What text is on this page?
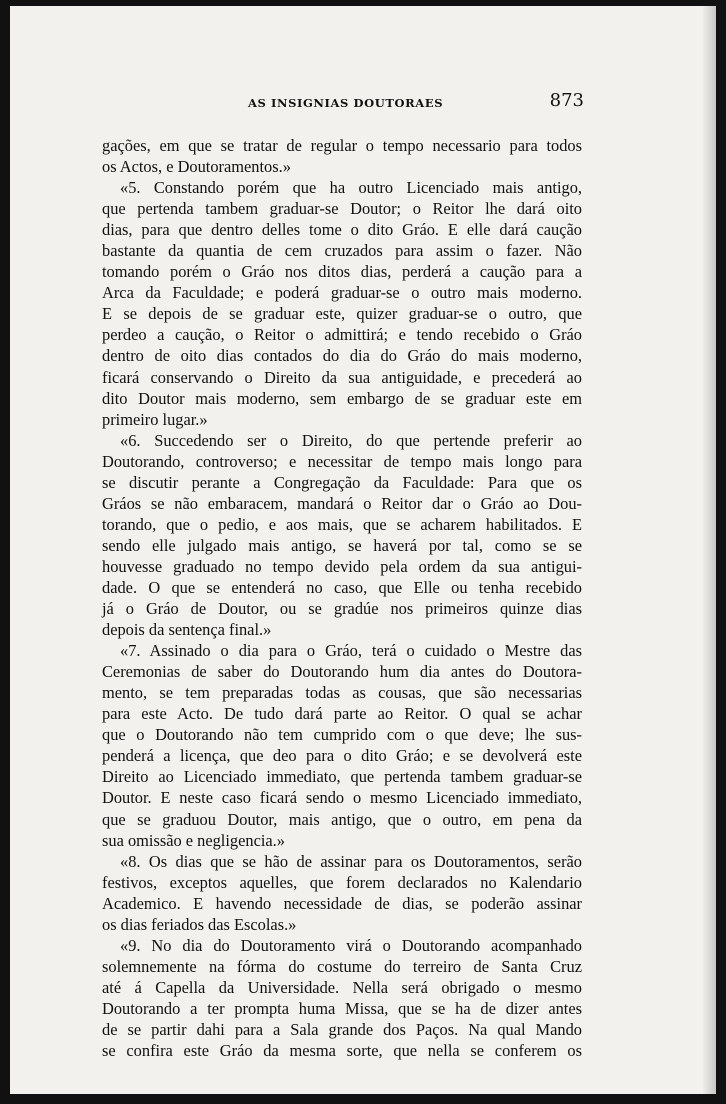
AS INSIGNIAS DOUTORAES	873
gações, em que se tratar de regular o tempo necessario para todos
os Actos, e Doutoramentos.»
«5. Constando porém que ha outro Licenciado mais antigo,
que pertenda tambem graduar-se Doutor; o Reitor lhe dará oito
dias, para que dentro delles tome o dito Gráo. E elle dará caução
bastante da quantia de cem cruzados para assim o fazer. Não
tomando porém o Gráo nos ditos dias, perderá a caução para a
Arca da Faculdade; e poderá graduar-se o outro mais moderno.
E se depois de se graduar este, quizer graduar-se o outro, que
perdeo a caução, o Reitor o admittirá; e tendo recebido o Gráo
dentro de oito dias contados do dia do Gráo do mais moderno,
ficará conservando o Direito da sua antiguidade, e precederá ao
dito Doutor mais moderno, sem embargo de se graduar este em
primeiro lugar.»
«6. Succedendo ser o Direito, do que pertende preferir ao
Doutorando, controverso; e necessitar de tempo mais longo para
se discutir perante a Congregação da Faculdade: Para que os
Gráos se não embaracem, mandará o Reitor dar o Gráo ao Dou-
torando, que o pedio, e aos mais, que se acharem habilitados. E
sendo elle julgado mais antigo, se haverá por tal, como se se
houvesse graduado no tempo devido pela ordem da sua antigui-
dade. O que se entenderá no caso, que Elle ou tenha recebido
já o Gráo de Doutor, ou se gradúe nos primeiros quinze dias
depois da sentença final.»
«7. Assinado o dia para o Gráo, terá o cuidado o Mestre das
Ceremonias de saber do Doutorando hum dia antes do Doutora-
mento, se tem preparadas todas as cousas, que são necessarias
para este Acto. De tudo dará parte ao Reitor. O qual se achar
que o Doutorando não tem cumprido com o que deve; lhe sus-
penderá a licença, que deo para o dito Gráo; e se devolverá este
Direito ao Licenciado immediato, que pertenda tambem graduar-se
Doutor. E neste caso ficará sendo o mesmo Licenciado immediato,
que se graduou Doutor, mais antigo, que o outro, em pena da
sua omissão e negligencia.»
«8. Os dias que se hão de assinar para os Doutoramentos, serão
festivos, exceptos aquelles, que forem declarados no Kalendario
Academico. E havendo necessidade de dias, se poderão assinar
os dias feriados das Escolas.»
«9. No dia do Doutoramento virá o Doutorando acompanhado
solemnemente na fórma do costume do terreiro de Santa Cruz
até á Capella da Universidade. Nella será obrigado o mesmo
Doutorando a ter prompta huma Missa, que se ha de dizer antes
de se partir dahi para a Sala grande dos Paços. Na qual Mando
se confira este Gráo da mesma sorte, que nella se conferem os
